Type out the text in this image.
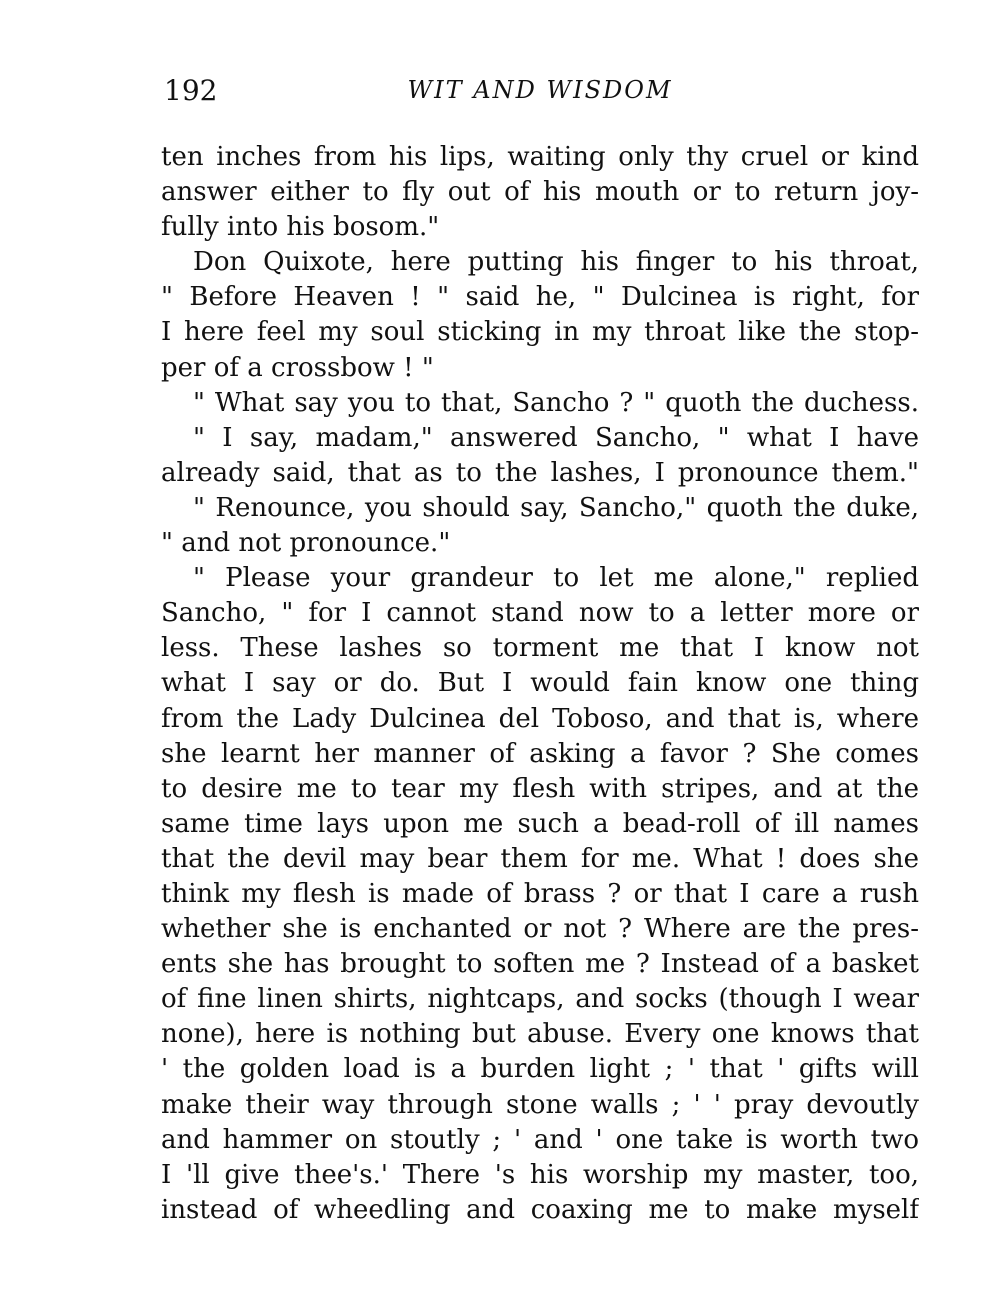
192	WIT AND WISDOM
ten inches from his lips, waiting only thy cruel or kind
answer either to fly out of his mouth or to return joy-
fully into his bosom."
Don Quixote, here putting his finger to his throat,
" Before Heaven ! " said he, " Dulcinea is right, for
I here feel my soul sticking in my throat like the stop-
per of a crossbow ! "
" What say you to that, Sancho ? " quoth the duchess.
" I say, madam," answered Sancho, " what I have
already said, that as to the lashes, I pronounce them."
" Renounce, you should say, Sancho," quoth the duke,
" and not pronounce."
" Please your grandeur to let me alone," replied
Sancho, " for I cannot stand now to a letter more or
less. These lashes so torment me that I know not
what I say or do. But I would fain know one thing
from the Lady Dulcinea del Toboso, and that is, where
she learnt her manner of asking a favor ? She comes
to desire me to tear my flesh with stripes, and at the
same time lays upon me such a bead-roll of ill names
that the devil may bear them for me. What ! does she
think my flesh is made of brass ? or that I care a rush
whether she is enchanted or not ? Where are the pres-
ents she has brought to soften me ? Instead of a basket
of fine linen shirts, nightcaps, and socks (though I wear
none), here is nothing but abuse. Every one knows that
' the golden load is a burden light ; ' that ' gifts will
make their way through stone walls ; ' ' pray devoutly
and hammer on stoutly ; ' and ' one take is worth two
I 'll give thee's.' There 's his worship my master, too,
instead of wheedling and coaxing me to make myself
